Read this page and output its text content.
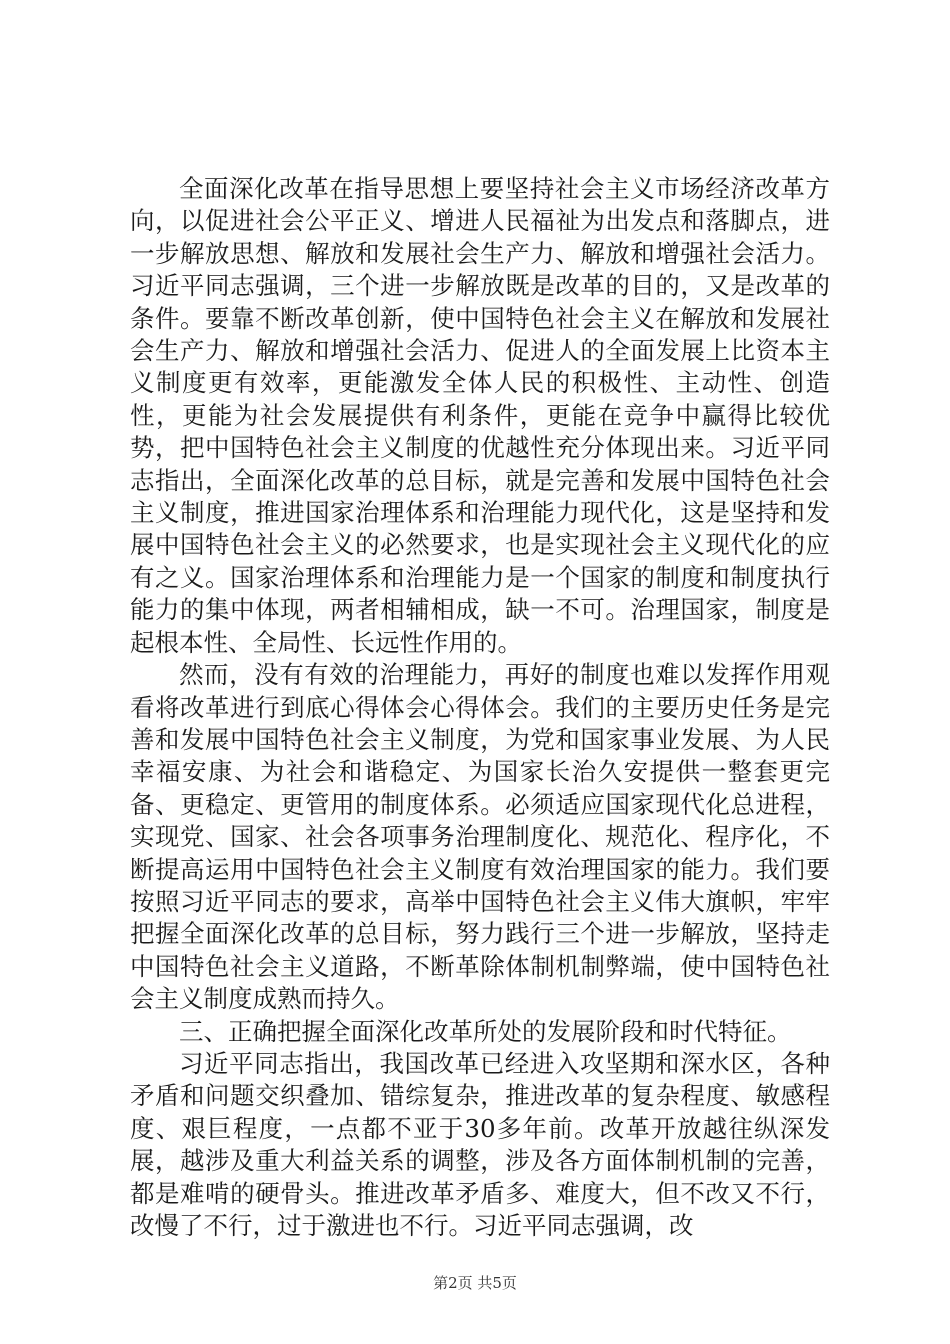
全面深化改革在指导思想上要坚持社会主义市场经济改革方向，以促进社会公平正义、增进人民福祉为出发点和落脚点，进一步解放思想、解放和发展社会生产力、解放和增强社会活力。习近平同志强调，三个进一步解放既是改革的目的，又是改革的条件。要靠不断改革创新，使中国特色社会主义在解放和发展社会生产力、解放和增强社会活力、促进人的全面发展上比资本主义制度更有效率，更能激发全体人民的积极性、主动性、创造性，更能为社会发展提供有利条件，更能在竞争中赢得比较优势，把中国特色社会主义制度的优越性充分体现出来。习近平同志指出，全面深化改革的总目标，就是完善和发展中国特色社会主义制度，推进国家治理体系和治理能力现代化，这是坚持和发展中国特色社会主义的必然要求，也是实现社会主义现代化的应有之义。国家治理体系和治理能力是一个国家的制度和制度执行能力的集中体现，两者相辅相成，缺一不可。治理国家，制度是起根本性、全局性、长远性作用的。

然而，没有有效的治理能力，再好的制度也难以发挥作用观看将改革进行到底心得体会心得体会。我们的主要历史任务是完善和发展中国特色社会主义制度，为党和国家事业发展、为人民幸福安康、为社会和谐稳定、为国家长治久安提供一整套更完备、更稳定、更管用的制度体系。必须适应国家现代化总进程，实现党、国家、社会各项事务治理制度化、规范化、程序化，不断提高运用中国特色社会主义制度有效治理国家的能力。我们要按照习近平同志的要求，高举中国特色社会主义伟大旗帜，牢牢把握全面深化改革的总目标，努力践行三个进一步解放，坚持走中国特色社会主义道路，不断革除体制机制弊端，使中国特色社会主义制度成熟而持久。

三、正确把握全面深化改革所处的发展阶段和时代特征。

习近平同志指出，我国改革已经进入攻坚期和深水区，各种矛盾和问题交织叠加、错综复杂，推进改革的复杂程度、敏感程度、艰巨程度，一点都不亚于30多年前。改革开放越往纵深发展，越涉及重大利益关系的调整，涉及各方面体制机制的完善，都是难啃的硬骨头。推进改革矛盾多、难度大，但不改又不行，改慢了不行，过于激进也不行。习近平同志强调，改

第2页 共5页
